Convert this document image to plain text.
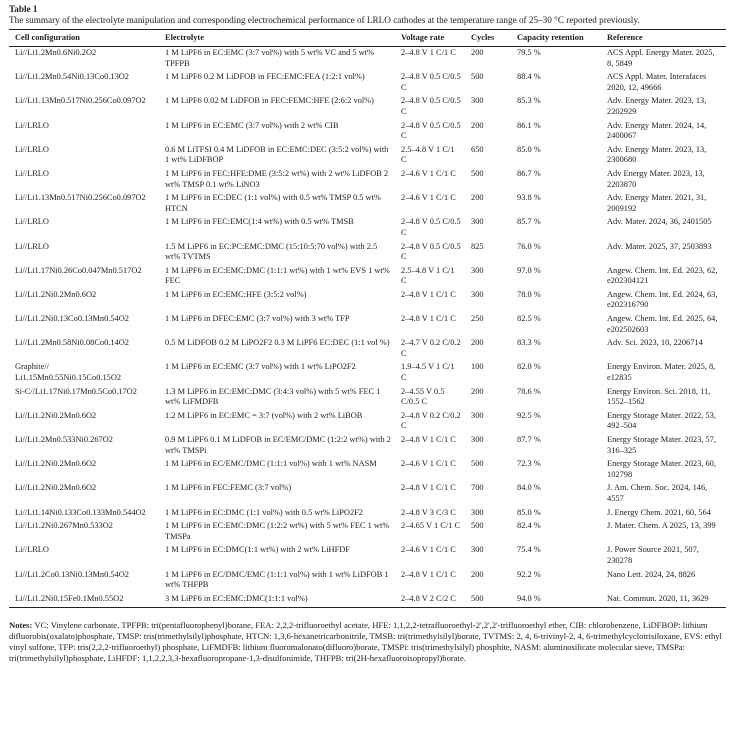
Table 1
The summary of the electrolyte manipulation and corresponding electrochemical performance of LRLO cathodes at the temperature range of 25–30 °C reported previously.
Cell configuration	Electrolyte	Voltage rate	Cycles	Capacity retention	Reference
Li//Li1.2Mn0.6Ni0.2O2	1 M LiPF6 in EC:EMC (3:7 vol%) with 5 wt% VC and 5 wt% TPFPB	2–4.8 V 1 C/1 C	200	79.5 %	ACS Appl. Energy Mater. 2025, 8, 5849
Li//Li1.2Mn0.54Ni0.13Co0.13O2	1 M LiPF6 0.2 M LiDFOB in FEC:EMC:FEA (1:2:1 vol%)	2–4.8 V 0.5 C/0.5 C	500	88.4 %	ACS Appl. Mater. Interafaces 2020, 12, 49666
Li//Li1.13Mn0.517Ni0.256Co0.097O2	1 M LiPF6 0.02 M LiDFOB in FEC:FEMC:HFE (2:6:2 vol%)	2–4.8 V 0.5 C/0.5 C	300	85.3 %	Adv. Energy Mater. 2023, 13, 2202929
Li//LRLO	1 M LiPF6 in EC:EMC (3:7 vol%) with 2 wt% CIB	2–4.8 V 0.5 C/0.5 C	200	86.1 %	Adv. Energy Mater. 2024, 14, 2400067
Li//LRLO	0.6 M LiTFSI 0.4 M LiDFOB in EC:EMC:DEC (3:5:2 vol%) with 1 wt% LiDFBOP	2.5–4.8 V 1 C/1 C	650	85.0 %	Adv. Energy Mater. 2023, 13, 2300680
Li//LRLO	1 M LiPF6 in FEC:HFE:DME (3:5:2 wt%) with 2 wt% LiDFOB 2 wt% TMSP 0.1 wt% LiNO3	2–4.6 V 1 C/1 C	500	86.7 %	Adv Energy Mater. 2023, 13, 2203870
Li//Li1.13Mn0.517Ni0.256Co0.097O2	1 M LiPF6 in EC:DEC (1:1 vol%) with 0.5 wt% TMSP 0.5 wt% HTCN	2–4.6 V 1 C/1 C	200	93.8 %	Adv. Energy Mater. 2021, 31, 2009192
Li//LRLO	1 M LiPF6 in FEC:EMC(1:4 wt%) with 0.5 wt% TMSB	2–4.8 V 0.5 C/0.5 C	300	85.7 %	Adv. Mater. 2024, 36, 2401505
Li//LRLO	1.5 M LiPF6 in EC:PC:EMC:DMC (15:10:5:70 vol%) with 2.5 wt% TVTMS	2–4.8 V 0.5 C/0.5 C	825	76.0 %	Adv. Mater. 2025, 37, 2503893
Li//Li1.17Ni0.26Co0.047Mn0.517O2	1 M LiPF6 in EC:EMC:DMC (1:1:1 wt%) with 1 wt% EVS 1 wt% FEC	2.5–4.8 V 1 C/1 C	300	97.0 %	Angew. Chem. Int. Ed. 2023, 62, e202304121
Li//Li1.2Ni0.2Mn0.6O2	1 M LiPF6 in EC:EMC:HFE (3:5:2 vol%)	2–4.8 V 1 C/1 C	300	78.0 %	Angew. Chem. Int. Ed. 2024, 63, e202316790
Li//Li1.2Ni0.13Co0.13Mn0.54O2	1 M LiPF6 in DFEC:EMC (3:7 vol%) with 3 wt% TFP	2–4.8 V 1 C/1 C	250	82.5 %	Angew. Chem. Int. Ed. 2025, 64, e202502603
Li//Li1.2Mn0.58Ni0.08Co0.14O2	0.5 M LiDFOB 0.2 M LiPO2F2 0.3 M LiPF6 EC:DEC (1:1 vol %)	2–4.7 V 0.2 C/0.2 C	200	83.3 %	Adv. Sci. 2023, 10, 2206714
Graphite// Li1.15Mn0.55Ni0.15Co0.15O2	1 M LiPF6 in EC:EMC (3:7 vol%) with 1 wt% LiPO2F2	1.9–4.5 V 1 C/1 C	100	82.0 %	Energy Environ. Mater. 2025, 8, e12835
Si-C//Li1.17Ni0.17Mn0.5Co0.17O2	1.3 M LiPF6 in EC:EMC:DMC (3:4:3 vol%) with 5 wt% FEC 1 wt% LiFMDFB	2–4.55 V 0.5 C/0.5 C	200	78.6 %	Energy Environ. Sci. 2018, 11, 1552–1562
Li//Li1.2Ni0.2Mn0.6O2	1.2 M LiPF6 in EC:EMC = 3:7 (vol%) with 2 wt% LiBOB	2–4.8 V 0.2 C/0.2 C	300	92.5 %	Energy Storage Mater. 2022, 53, 492–504
Li//Li1.2Mn0.533Ni0.267O2	0.9 M LiPF6 0.1 M LiDFOB in EC/EMC/DMC (1:2:2 wt%) with 2 wt% TMSPi	2–4.8 V 1 C/1 C	300	87.7 %	Energy Storage Mater. 2023, 57, 316–325
Li//Li1.2Ni0.2Mn0.6O2	1 M LiPF6 in EC/EMC/DMC (1:1:1 vol%) with 1 wt% NASM	2–4.6 V 1 C/1 C	500	72.3 %	Energy Storage Mater. 2023, 60, 102798
Li//Li1.2Ni0.2Mn0.6O2	1 M LiPF6 in FEC:FEMC (3:7 vol%)	2–4.8 V 1 C/1 C	700	84.0 %	J. Am. Chem. Soc. 2024, 146, 4557
Li//Li1.14Ni0.133Co0.133Mn0.544O2	1 M LiPF6 in EC:DMC (1:1 vol%) with 0.5 wt% LiPO2F2	2–4.8 V 3 C/3 C	300	85.0 %	J. Energy Chem. 2021, 60, 564
Li//Li1.2Ni0.267Mn0.533O2	1 M LiPF6 in EC:EMC:DMC (1:2:2 wt%) with 5 wt% FEC 1 wt% TMSPa	2–4.65 V 1 C/1 C	500	82.4 %	J. Mater. Chem. A 2025, 13, 399
Li//LRLO	1 M LiPF6 in EC:DMC(1:1 wt%) with 2 wt% LiHFDF	2–4.6 V 1 C/1 C	300	75.4 %	J. Power Source 2021, 507, 230278
Li//Li1.2Co0.13Ni0.13Mn0.54O2	1 M LiPF6 in EC/DMC/EMC (1:1:1 vol%) with 1 wt% LiDFOB 1 wt% THFPB	2–4.8 V 1 C/1 C	200	92.2 %	Nano Lett. 2024, 24, 8826
Li//Li1.2Ni0.15Fe0.1Mn0.55O2	3 M LiPF6 in EC:EMC:DMC(1:1:1 vol%)	2–4.8 V 2 C/2 C	500	94.0 %	Nat. Commun. 2020, 11, 3629
Notes: VC: Vinylene carbonate, TPFPB: tri(pentafluorophenyl)borane, FEA: 2,2,2-trifluoroethyl acetate, HFE: 1,1,2,2-tetrafluoroethyl-2',2',2'-trifluoroethyl ether, CIB: chlorobenzene, LiDFBOP: lithium difluorobis(oxalato)phosphate, TMSP: tris(trimethylsilyl)phosphate, HTCN: 1,3,6-hexanetricarbonitrile, TMSB: tri(trimethylsilyl)borate, TVTMS: 2, 4, 6-trivinyl-2, 4, 6-trimethylcyclotrisiloxane, EVS: ethyl vinyl sulfone, TFP: tris(2,2,2-trifluoroethyl) phosphate, LiFMDFB: lithium fluoromalonato(difluoro)borate, TMSPi: tris(trimethylsilyl) phosphite, NASM: aluminosilicate molecular sieve, TMSPa: tri(trimethylsilyl)phosphate, LiHFDF: 1,1,2,2,3,3-hexafluoropropane-1,3-disulfonimide, THFPB: tri(2H-hexafluoroisopropyl)borate.
